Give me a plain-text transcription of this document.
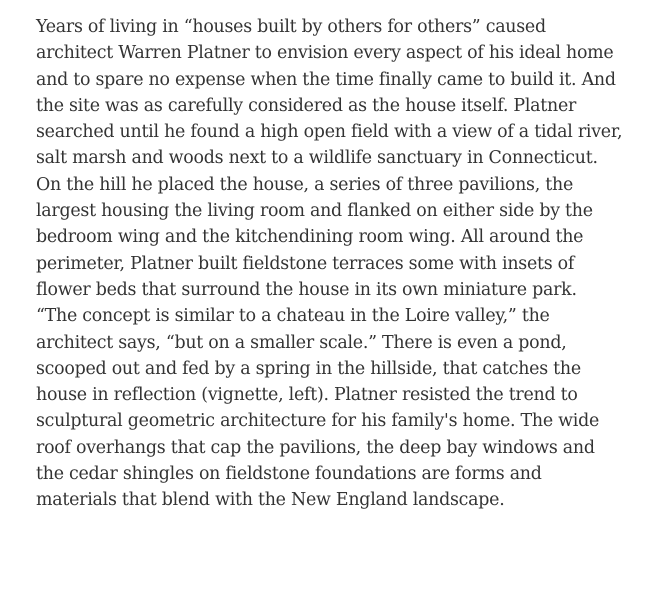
Years of living in “houses built by others for others” caused
architect Warren Platner to envision every aspect of his ideal home
and to spare no expense when the time finally came to build it. And
the site was as carefully considered as the house itself. Platner
searched until he found a high open field with a view of a tidal river,
salt marsh and woods next to a wildlife sanctuary in Connecticut.
On the hill he placed the house, a series of three pavilions, the
largest housing the living room and flanked on either side by the
bedroom wing and the kitchendining room wing. All around the
perimeter, Platner built fieldstone terraces some with insets of
flower beds that surround the house in its own miniature park.
“The concept is similar to a chateau in the Loire valley,” the
architect says, “but on a smaller scale.” There is even a pond,
scooped out and fed by a spring in the hillside, that catches the
house in reflection (vignette, left). Platner resisted the trend to
sculptural geometric architecture for his family's home. The wide
roof overhangs that cap the pavilions, the deep bay windows and
the cedar shingles on fieldstone foundations are forms and
materials that blend with the New England landscape.
